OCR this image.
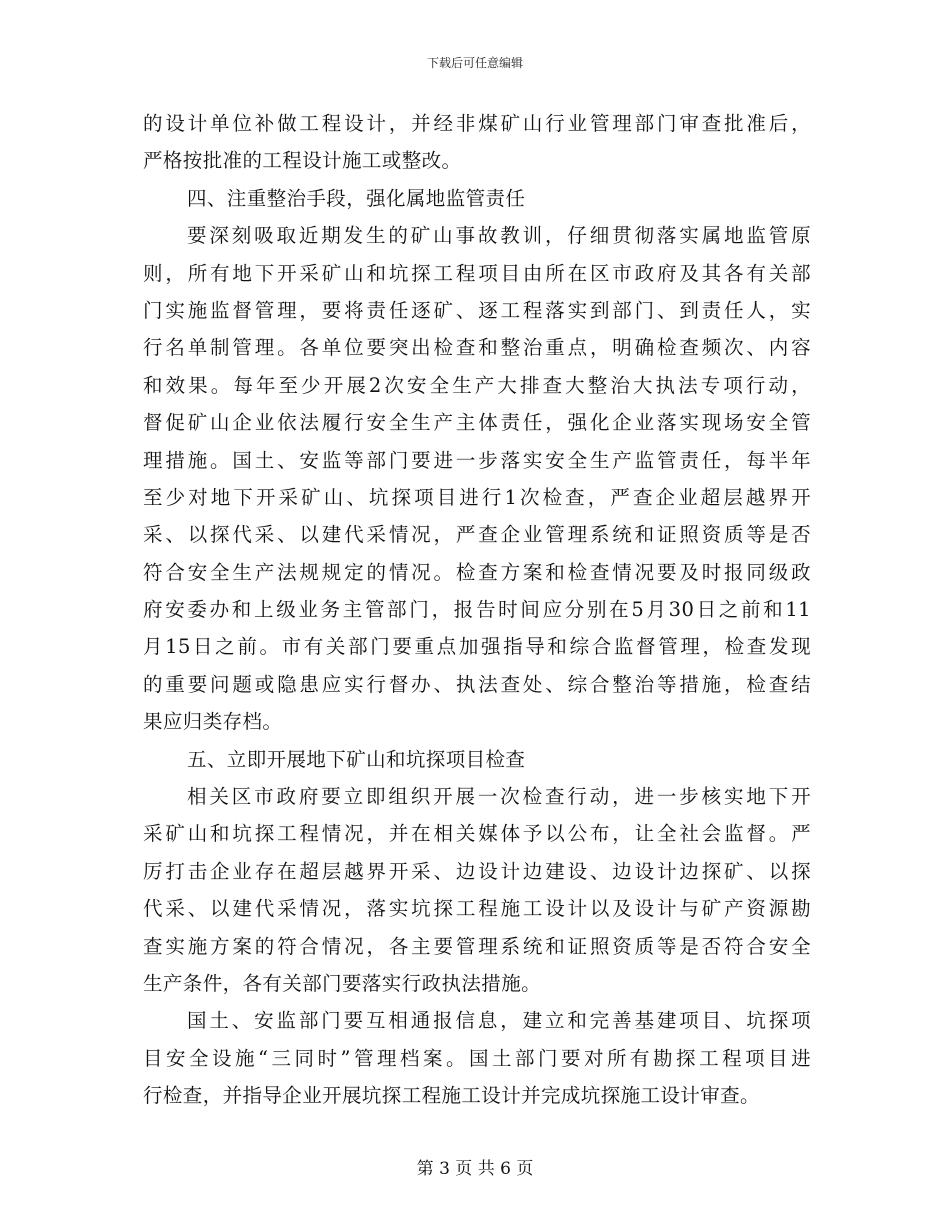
下载后可任意编辑
的设计单位补做工程设计，并经非煤矿山行业管理部门审查批准后，
严格按批准的工程设计施工或整改。
四、注重整治手段，强化属地监管责任
要深刻吸取近期发生的矿山事故教训，仔细贯彻落实属地监管原
则，所有地下开采矿山和坑探工程项目由所在区市政府及其各有关部
门实施监督管理，要将责任逐矿、逐工程落实到部门、到责任人，实
行名单制管理。各单位要突出检查和整治重点，明确检查频次、内容
和效果。每年至少开展2次安全生产大排查大整治大执法专项行动，
督促矿山企业依法履行安全生产主体责任，强化企业落实现场安全管
理措施。国土、安监等部门要进一步落实安全生产监管责任，每半年
至少对地下开采矿山、坑探项目进行1次检查，严查企业超层越界开
采、以探代采、以建代采情况，严查企业管理系统和证照资质等是否
符合安全生产法规规定的情况。检查方案和检查情况要及时报同级政
府安委办和上级业务主管部门，报告时间应分别在5月30日之前和11
月15日之前。市有关部门要重点加强指导和综合监督管理，检查发现
的重要问题或隐患应实行督办、执法查处、综合整治等措施，检查结
果应归类存档。
五、立即开展地下矿山和坑探项目检查
相关区市政府要立即组织开展一次检查行动，进一步核实地下开
采矿山和坑探工程情况，并在相关媒体予以公布，让全社会监督。严
厉打击企业存在超层越界开采、边设计边建设、边设计边探矿、以探
代采、以建代采情况，落实坑探工程施工设计以及设计与矿产资源勘
查实施方案的符合情况，各主要管理系统和证照资质等是否符合安全
生产条件，各有关部门要落实行政执法措施。
国土、安监部门要互相通报信息，建立和完善基建项目、坑探项
目安全设施“三同时”管理档案。国土部门要对所有勘探工程项目进
行检查，并指导企业开展坑探工程施工设计并完成坑探施工设计审查。
第 3 页 共 6 页
